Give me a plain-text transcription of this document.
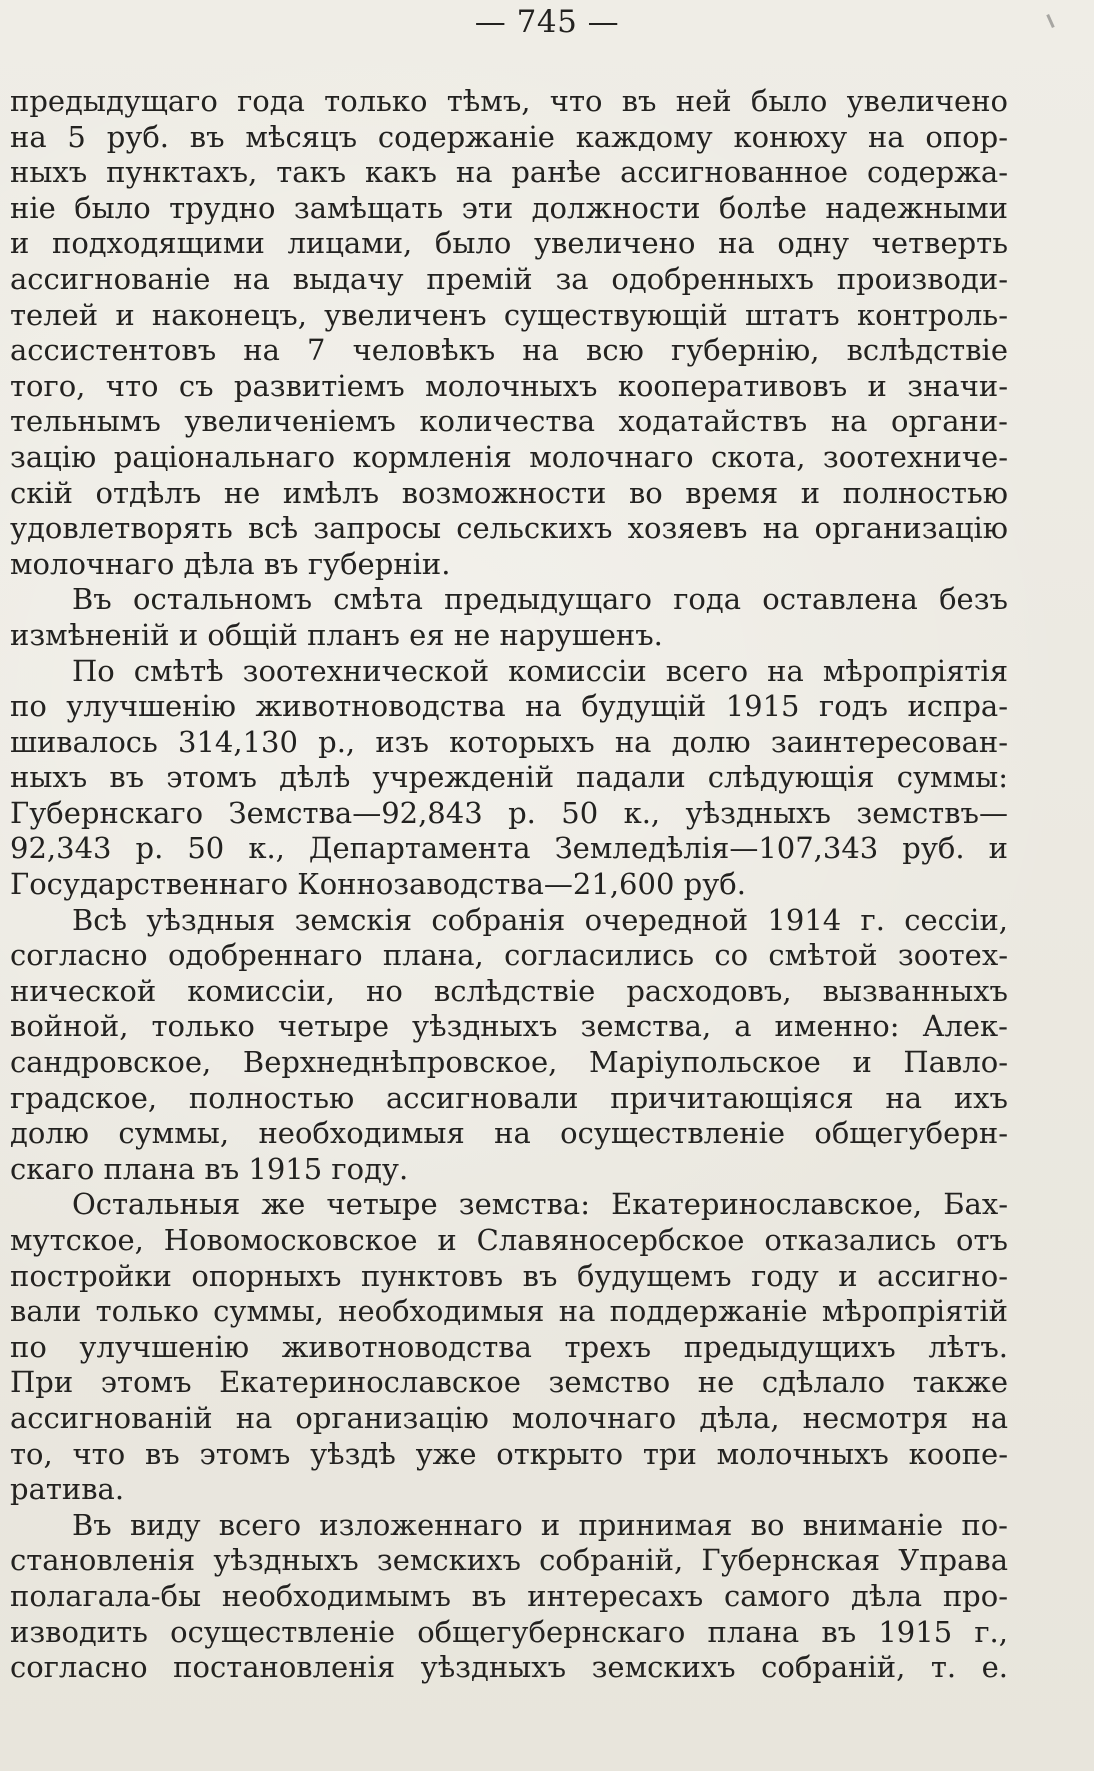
— 745 —
предыдущаго года только тѣмъ, что въ ней было увеличено
на 5 руб. въ мѣсяцъ содержаніе каждому конюху на опор-
ныхъ пунктахъ, такъ какъ на ранѣе ассигнованное содержа-
ніе было трудно замѣщать эти должности болѣе надежными
и подходящими лицами, было увеличено на одну четверть
ассигнованіе на выдачу премій за одобренныхъ производи-
телей и наконецъ, увеличенъ существующій штатъ контроль-
ассистентовъ на 7 человѣкъ на всю губернію, вслѣдствіе
того, что съ развитіемъ молочныхъ кооперативовъ и значи-
тельнымъ увеличеніемъ количества ходатайствъ на органи-
зацію раціональнаго кормленія молочнаго скота, зоотехниче-
скій отдѣлъ не имѣлъ возможности во время и полностью
удовлетворять всѣ запросы сельскихъ хозяевъ на организацію
молочнаго дѣла въ губерніи.
Въ остальномъ смѣта предыдущаго года оставлена безъ
измѣненій и общій планъ ея не нарушенъ.
По смѣтѣ зоотехнической комиссіи всего на мѣропріятія
по улучшенію животноводства на будущій 1915 годъ испра-
шивалось 314,130 р., изъ которыхъ на долю заинтересован-
ныхъ въ этомъ дѣлѣ учрежденій падали слѣдующія суммы:
Губернскаго Земства—92,843 р. 50 к., уѣздныхъ земствъ—
92,343 р. 50 к., Департамента Земледѣлія—107,343 руб. и
Государственнаго Коннозаводства—21,600 руб.
Всѣ уѣздныя земскія собранія очередной 1914 г. сессіи,
согласно одобреннаго плана, согласились со смѣтой зоотех-
нической комиссіи, но вслѣдствіе расходовъ, вызванныхъ
войной, только четыре уѣздныхъ земства, а именно: Алек-
сандровское, Верхнеднѣпровское, Маріупольское и Павло-
градское, полностью ассигновали причитающіяся на ихъ
долю суммы, необходимыя на осуществленіе общегуберн-
скаго плана въ 1915 году.
Остальныя же четыре земства: Екатеринославское, Бах-
мутское, Новомосковское и Славяносербское отказались отъ
постройки опорныхъ пунктовъ въ будущемъ году и ассигно-
вали только суммы, необходимыя на поддержаніе мѣропріятій
по улучшенію животноводства трехъ предыдущихъ лѣтъ.
При этомъ Екатеринославское земство не сдѣлало также
ассигнованій на организацію молочнаго дѣла, несмотря на
то, что въ этомъ уѣздѣ уже открыто три молочныхъ коопе-
ратива.
Въ виду всего изложеннаго и принимая во вниманіе по-
становленія уѣздныхъ земскихъ собраній, Губернская Управа
полагала-бы необходимымъ въ интересахъ самого дѣла про-
изводить осуществленіе общегубернскаго плана въ 1915 г.,
согласно постановленія уѣздныхъ земскихъ собраній, т. е.
